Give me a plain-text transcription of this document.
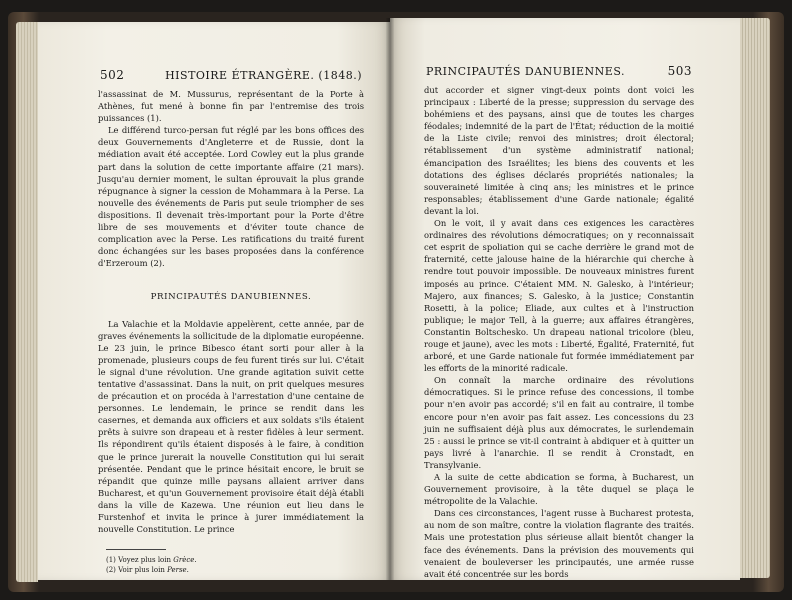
502	HISTOIRE ÉTRANGÈRE. (1848.)

l'assassinat de M. Mussurus, représentant de la Porte à Athènes, fut mené à bonne fin par l'entremise des trois puissances (1).

Le différend turco-persan fut réglé par les bons offices des deux Gouvernements d'Angleterre et de Russie, dont la médiation avait été acceptée. Lord Cowley eut la plus grande part dans la solution de cette importante affaire (21 mars). Jusqu'au dernier moment, le sultan éprouvait la plus grande répugnance à signer la cession de Mohammara à la Perse. La nouvelle des événements de Paris put seule triompher de ses dispositions. Il devenait très-important pour la Porte d'être libre de ses mouvements et d'éviter toute chance de complication avec la Perse. Les ratifications du traité furent donc échangées sur les bases proposées dans la conférence d'Erzeroum (2).

PRINCIPAUTÉS DANUBIENNES.

La Valachie et la Moldavie appelèrent, cette année, par de graves événements la sollicitude de la diplomatie européenne. Le 23 juin, le prince Bibesco étant sorti pour aller à la promenade, plusieurs coups de feu furent tirés sur lui. C'était le signal d'une révolution. Une grande agitation suivit cette tentative d'assassinat. Dans la nuit, on prit quelques mesures de précaution et on procéda à l'arrestation d'une centaine de personnes. Le lendemain, le prince se rendit dans les casernes, et demanda aux officiers et aux soldats s'ils étaient prêts à suivre son drapeau et à rester fidèles à leur serment. Ils répondirent qu'ils étaient disposés à le faire, à condition que le prince jurerait la nouvelle Constitution qui lui serait présentée. Pendant que le prince hésitait encore, le bruit se répandit que quinze mille paysans allaient arriver dans Bucharest, et qu'un Gouvernement provisoire était déjà établi dans la ville de Kazewa. Une réunion eut lieu dans le Furstenhof et invita le prince à jurer immédiatement la nouvelle Constitution. Le prince

(1) Voyez plus loin Grèce.
(2) Voir plus loin Perse.
PRINCIPAUTÉS DANUBIENNES.	503

dut accorder et signer vingt-deux points dont voici les principaux : Liberté de la presse; suppression du servage des bohémiens et des paysans, ainsi que de toutes les charges féodales; indemnité de la part de l'État; réduction de la moitié de la Liste civile; renvoi des ministres; droit électoral; rétablissement d'un système administratif national; émancipation des Israélites; les biens des couvents et les dotations des églises déclarés propriétés nationales; la souveraineté limitée à cinq ans; les ministres et le prince responsables; établissement d'une Garde nationale; égalité devant la loi.

On le voit, il y avait dans ces exigences les caractères ordinaires des révolutions démocratiques; on y reconnaissait cet esprit de spoliation qui se cache derrière le grand mot de fraternité, cette jalouse haine de la hiérarchie qui cherche à rendre tout pouvoir impossible. De nouveaux ministres furent imposés au prince. C'étaient MM. N. Galesko, à l'intérieur; Majero, aux finances; S. Galesko, à la justice; Constantin Rosetti, à la police; Eliade, aux cultes et à l'instruction publique; le major Tell, à la guerre; aux affaires étrangères, Constantin Boltschesko. Un drapeau national tricolore (bleu, rouge et jaune), avec les mots : Liberté, Égalité, Fraternité, fut arboré, et une Garde nationale fut formée immédiatement par les efforts de la minorité radicale.

On connaît la marche ordinaire des révolutions démocratiques. Si le prince refuse des concessions, il tombe pour n'en avoir pas accordé; s'il en fait au contraire, il tombe encore pour n'en avoir pas fait assez. Les concessions du 23 juin ne suffisaient déjà plus aux démocrates, le surlendemain 25 : aussi le prince se vit-il contraint à abdiquer et à quitter un pays livré à l'anarchie. Il se rendit à Cronstadt, en Transylvanie.

A la suite de cette abdication se forma, à Bucharest, un Gouvernement provisoire, à la tête duquel se plaça le métropolite de la Valachie.

Dans ces circonstances, l'agent russe à Bucharest protesta, au nom de son maître, contre la violation flagrante des traités. Mais une protestation plus sérieuse allait bientôt changer la face des événements. Dans la prévision des mouvements qui venaient de bouleverser les principautés, une armée russe avait été concentrée sur les bords
